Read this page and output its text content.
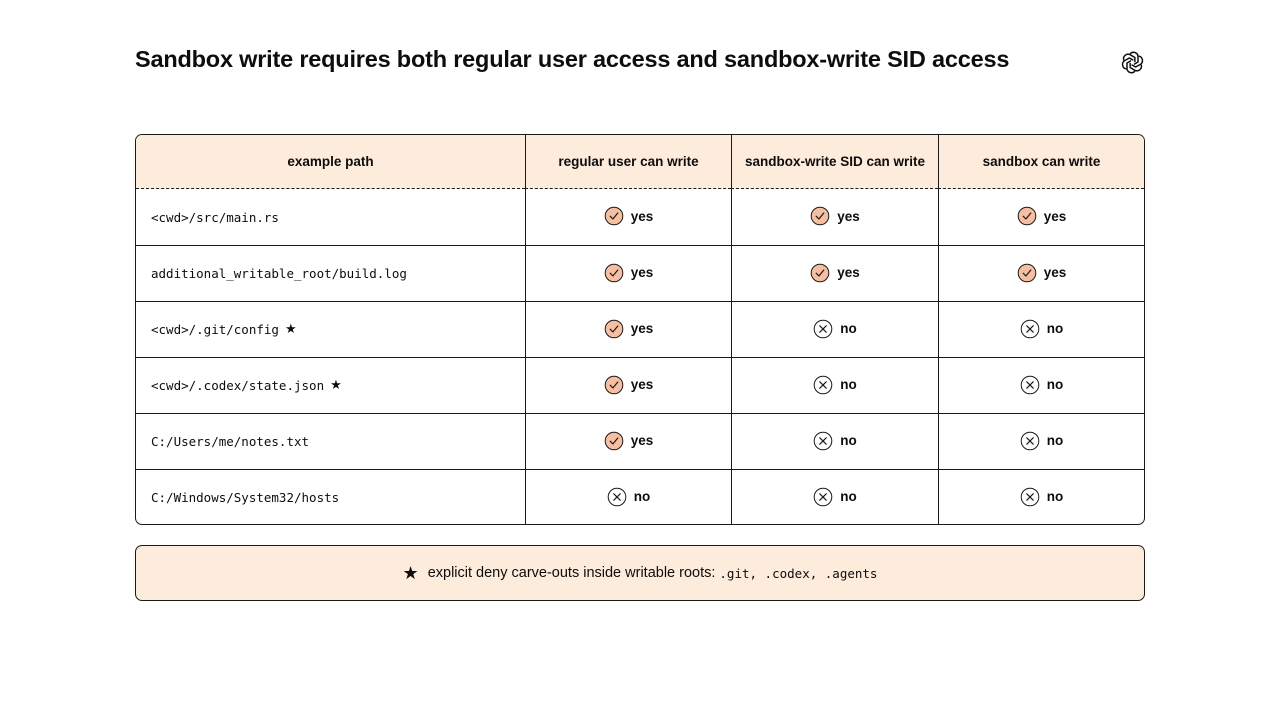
Sandbox write requires both regular user access and sandbox-write SID access
example path	regular user can write	sandbox-write SID can write	sandbox can write
<cwd>/src/main.rs	yes	yes	yes
additional_writable_root/build.log	yes	yes	yes
<cwd>/.git/config ★	yes	no	no
<cwd>/.codex/state.json ★	yes	no	no
C:/Users/me/notes.txt	yes	no	no
C:/Windows/System32/hosts	no	no	no
★ explicit deny carve-outs inside writable roots: .git, .codex, .agents
